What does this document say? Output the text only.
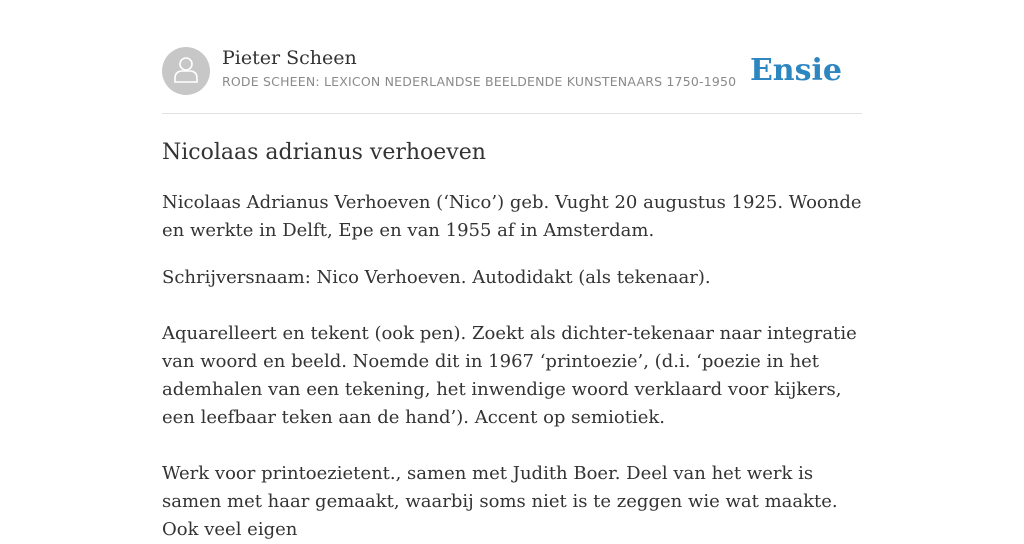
Pieter Scheen
RODE SCHEEN: LEXICON NEDERLANDSE BEELDENDE KUNSTENAARS 1750-1950 Ensie
Nicolaas adrianus verhoeven

Nicolaas Adrianus Verhoeven (‘Nico’) geb. Vught 20 augustus 1925. Woonde en werkte in Delft, Epe en van 1955 af in Amsterdam.

Schrijversnaam: Nico Verhoeven. Autodidakt (als tekenaar).

Aquarelleert en tekent (ook pen). Zoekt als dichter-tekenaar naar integratie van woord en beeld. Noemde dit in 1967 ‘printoezie’, (d.i. ‘poezie in het ademhalen van een tekening, het inwendige woord verklaard voor kijkers, een leefbaar teken aan de hand’). Accent op semiotiek.

Werk voor printoezietent., samen met Judith Boer. Deel van het werk is samen met haar gemaakt, waarbij soms niet is te zeggen wie wat maakte. Ook veel eigen
